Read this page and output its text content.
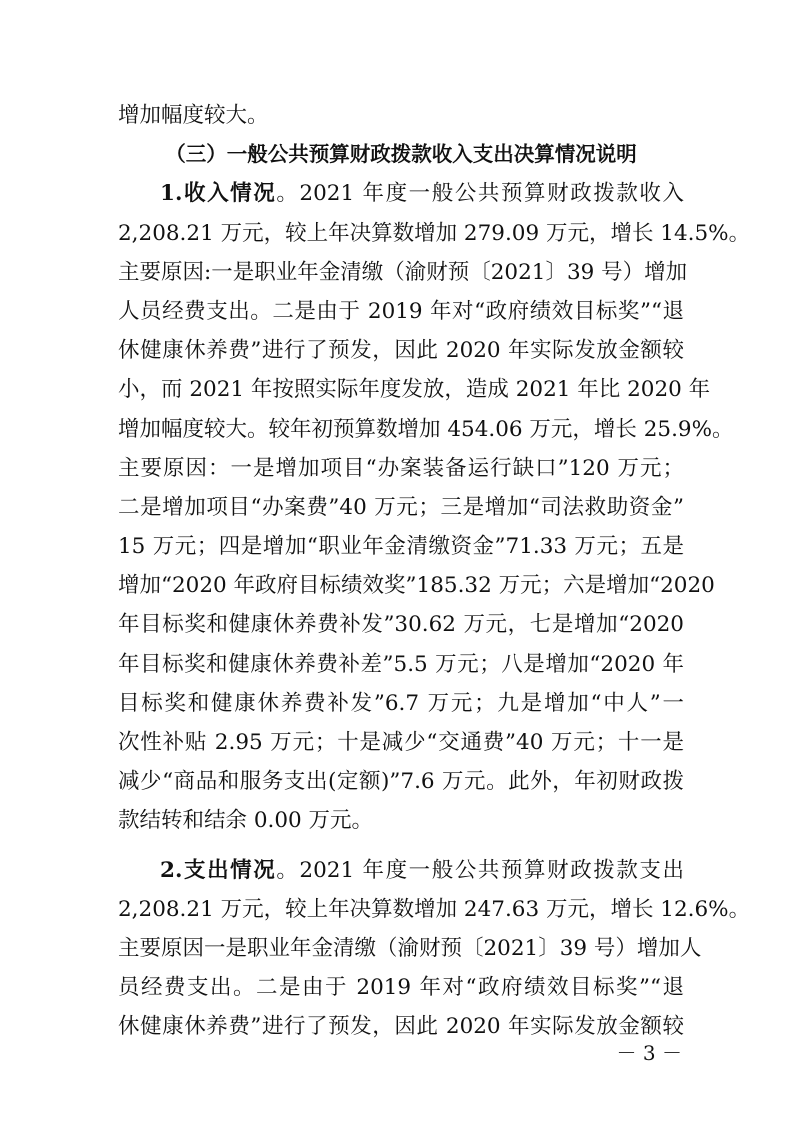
增加幅度较大。
（三）一般公共预算财政拨款收入支出决算情况说明
1.收入情况。2021 年度一般公共预算财政拨款收入
2,208.21 万元，较上年决算数增加 279.09 万元，增长 14.5%。
主要原因:一是职业年金清缴（渝财预〔2021〕39 号）增加
人员经费支出。二是由于 2019 年对“政府绩效目标奖”“退
休健康休养费”进行了预发，因此 2020 年实际发放金额较
小，而 2021 年按照实际年度发放，造成 2021 年比 2020 年
增加幅度较大。较年初预算数增加 454.06 万元，增长 25.9%。
主要原因：一是增加项目“办案装备运行缺口”120 万元；
二是增加项目“办案费”40 万元；三是增加“司法救助资金”
15 万元；四是增加“职业年金清缴资金”71.33 万元；五是
增加“2020 年政府目标绩效奖”185.32 万元；六是增加“2020
年目标奖和健康休养费补发”30.62 万元，七是增加“2020
年目标奖和健康休养费补差”5.5 万元；八是增加“2020 年
目标奖和健康休养费补发”6.7 万元；九是增加“中人”一
次性补贴 2.95 万元；十是减少“交通费”40 万元；十一是
减少“商品和服务支出(定额)”7.6 万元。此外，年初财政拨
款结转和结余 0.00 万元。
2.支出情况。2021 年度一般公共预算财政拨款支出
2,208.21 万元，较上年决算数增加 247.63 万元，增长 12.6%。
主要原因一是职业年金清缴（渝财预〔2021〕39 号）增加人
员经费支出。二是由于 2019 年对“政府绩效目标奖”“退
休健康休养费”进行了预发，因此 2020 年实际发放金额较
－ 3 －
